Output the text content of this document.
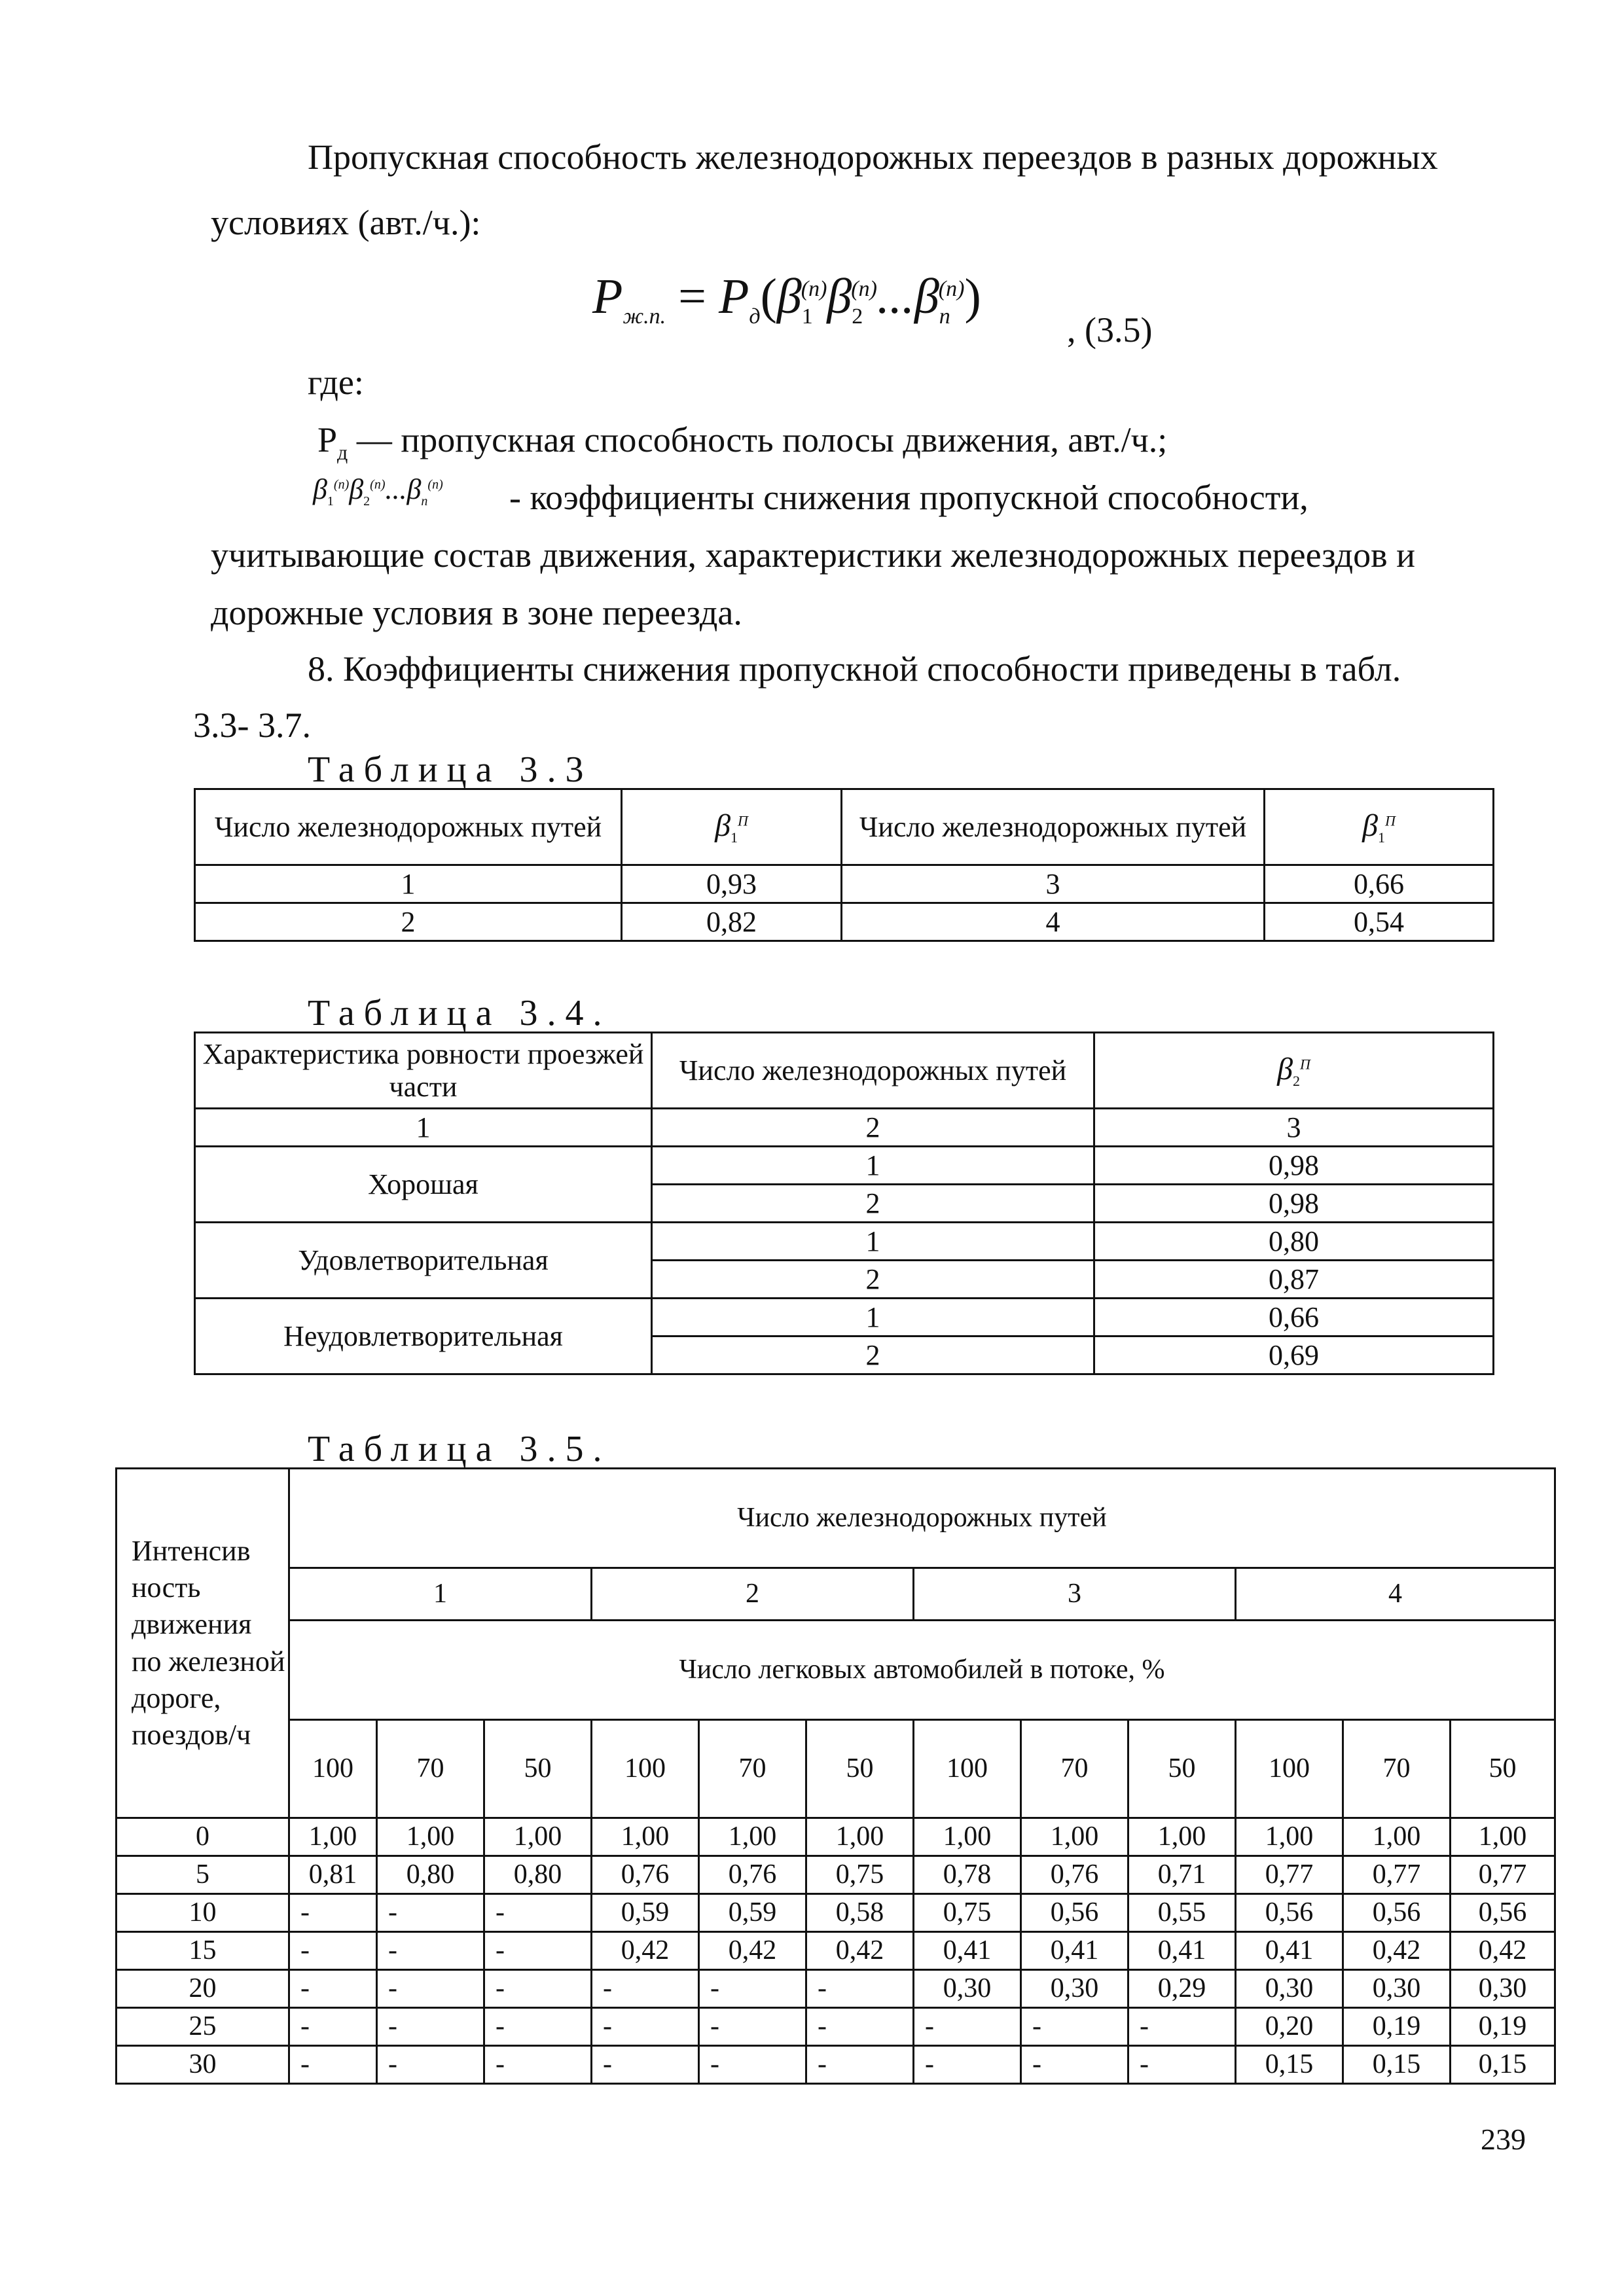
Пропускная способность железнодорожных переездов в разных дорожных
условиях (авт./ч.):
$P_{ж.п.} = P_д(\beta_1^{(n)}\beta_2^{(n)}...\beta_n^{(n)})$
, (3.5)
где:
$Р_д$ — пропускная способность полосы движения, авт./ч.;
$\beta_1^{(n)}\beta_2^{(n)}...\beta_n^{(n)}$ - коэффициенты снижения пропускной способности,
учитывающие состав движения, характеристики железнодорожных переездов и
дорожные условия в зоне переезда.
8. Коэффициенты снижения пропускной способности приведены в табл.
3.3- 3.7.
Таблица 3.3
Число железнодорожных путей	$\beta_1^П$	Число железнодорожных путей	$\beta_1^П$
1	0,93	3	0,66
2	0,82	4	0,54
Таблица 3.4.
Характеристика ровности проезжей части	Число железнодорожных путей	$\beta_2^П$
1	2	3
Хорошая	1	0,98
	2	0,98
Удовлетворительная	1	0,80
	2	0,87
Неудовлетворительная	1	0,66
	2	0,69
Таблица 3.5.
Интенсив ность движения по железной дороге, поездов/ч	Число железнодорожных путей											
	1			2			3			4		
	Число легковых автомобилей в потоке, %											
	100	70	50	100	70	50	100	70	50	100	70	50
0	1,00	1,00	1,00	1,00	1,00	1,00	1,00	1,00	1,00	1,00	1,00	1,00
5	0,81	0,80	0,80	0,76	0,76	0,75	0,78	0,76	0,71	0,77	0,77	0,77
10	-	-	-	0,59	0,59	0,58	0,75	0,56	0,55	0,56	0,56	0,56
15	-	-	-	0,42	0,42	0,42	0,41	0,41	0,41	0,41	0,42	0,42
20	-	-	-	-	-	-	0,30	0,30	0,29	0,30	0,30	0,30
25	-	-	-	-	-	-	-	-	-	0,20	0,19	0,19
30	-	-	-	-	-	-	-	-	-	0,15	0,15	0,15
239
